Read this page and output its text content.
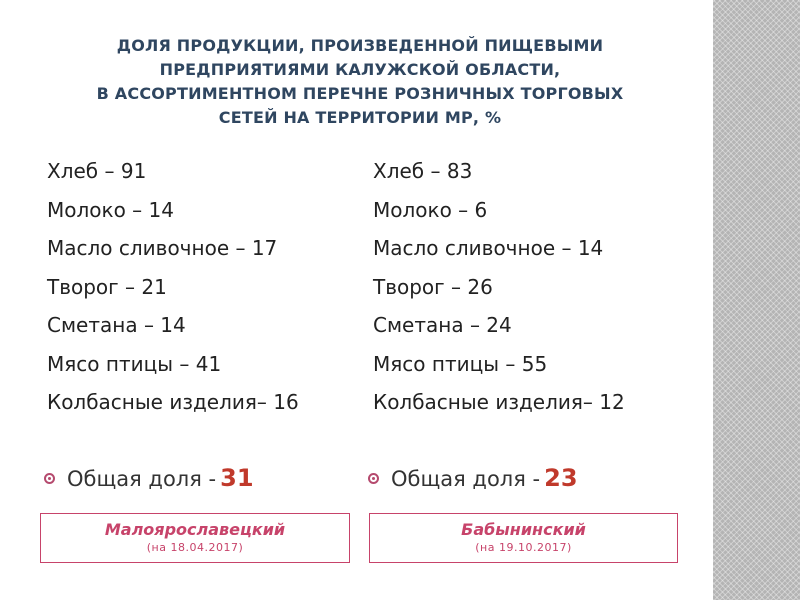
ДОЛЯ ПРОДУКЦИИ, ПРОИЗВЕДЕННОЙ ПИЩЕВЫМИ
ПРЕДПРИЯТИЯМИ КАЛУЖСКОЙ ОБЛАСТИ,
В АССОРТИМЕНТНОМ ПЕРЕЧНЕ РОЗНИЧНЫХ ТОРГОВЫХ
СЕТЕЙ НА ТЕРРИТОРИИ МР, %
Хлеб – 91
Молоко – 14
Масло сливочное – 17
Творог – 21
Сметана – 14
Мясо птицы – 41
Колбасные изделия– 16
Хлеб – 83
Молоко – 6
Масло сливочное – 14
Творог – 26
Сметана – 24
Мясо птицы – 55
Колбасные изделия– 12
Общая доля - 31	Общая доля - 23
Малоярославецкий
(на 18.04.2017)
Бабынинский
(на 19.10.2017)
